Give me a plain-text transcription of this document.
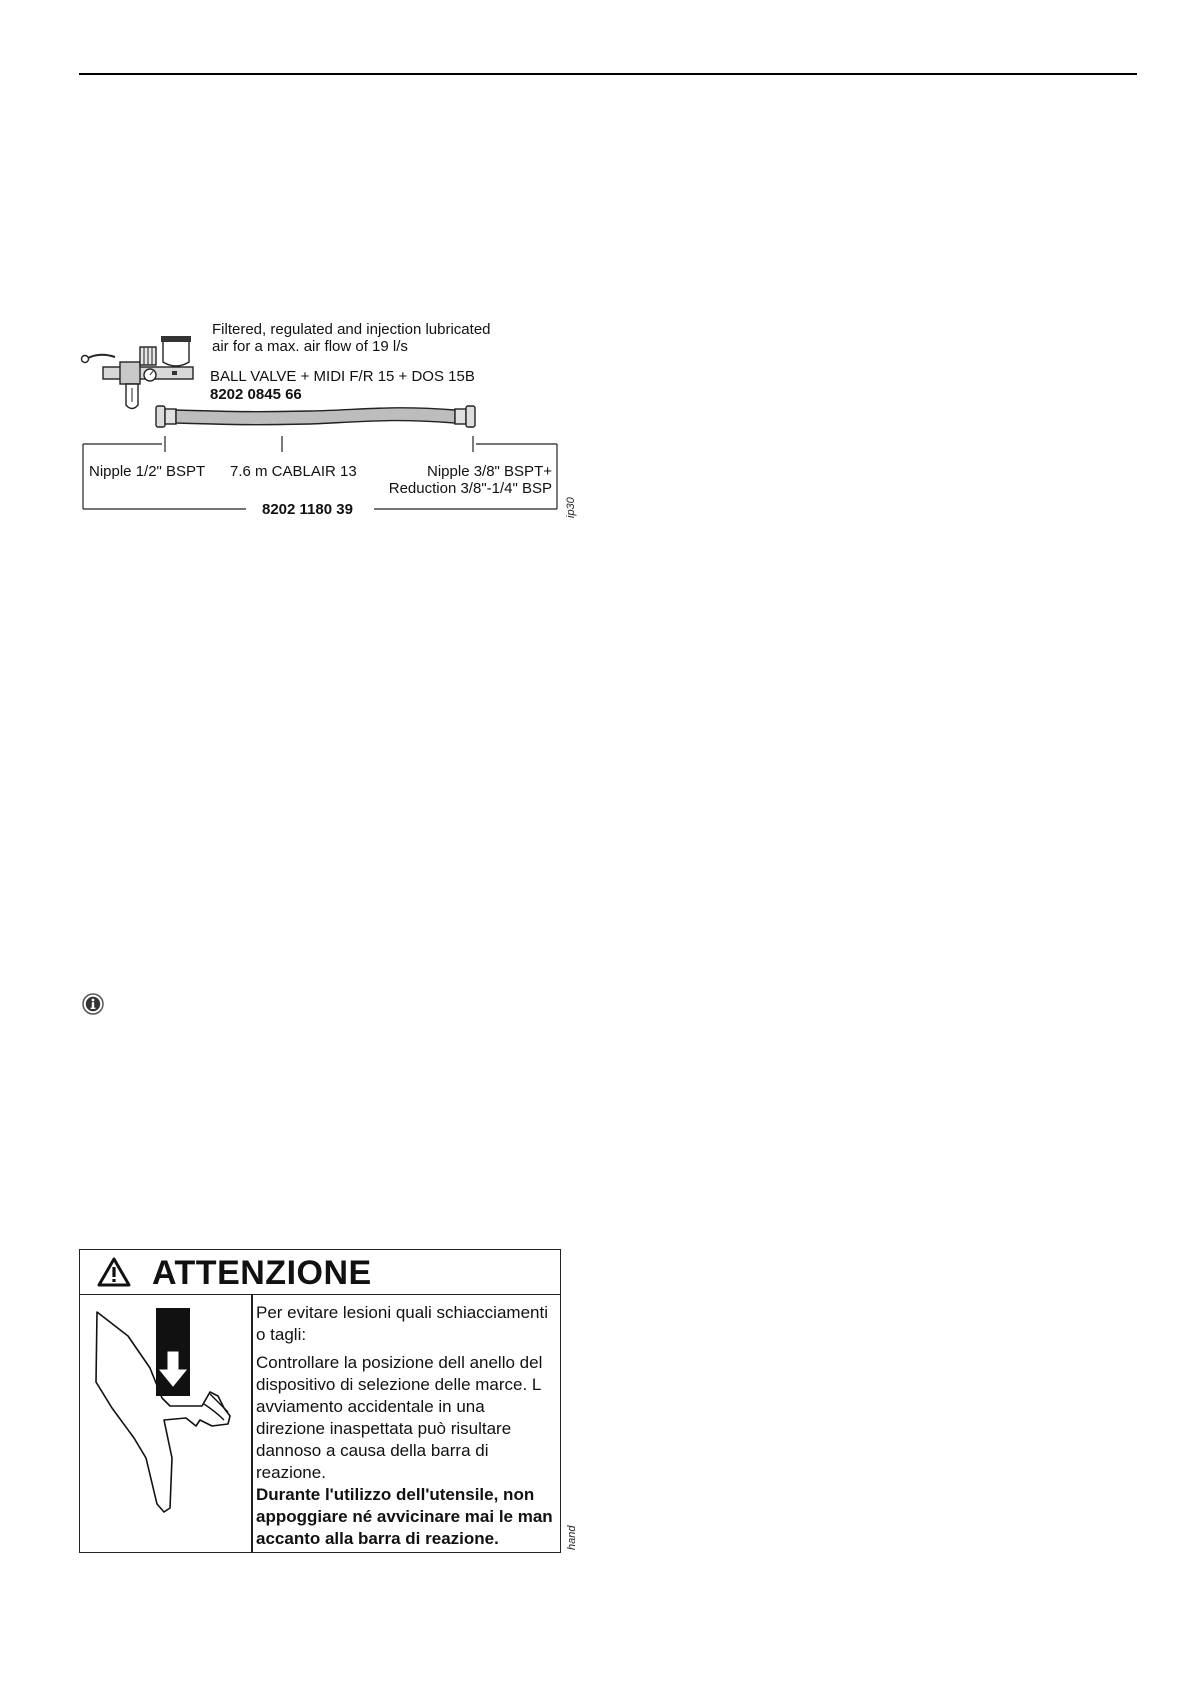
Filtered, regulated and injection lubricated
air for a max. air flow of 19 l/s
BALL VALVE + MIDI F/R 15 + DOS 15B
8202 0845 66
Nipple 1/2" BSPT 7.6 m CABLAIR 13	Nipple 3/8" BSPT+
Reduction 3/8"-1/4" BSP
8202 1180 39	ip30
ATTENZIONE

Per evitare lesioni quali schiacciamenti o tagli:

Controllare la posizione dell anello del dispositivo di selezione delle marce. L avviamento accidentale in una direzione inaspettata può risultare dannoso a causa della barra di reazione.

Durante l'utilizzo dell'utensile, non appoggiare né avvicinare mai le man accanto alla barra di reazione.	hand
